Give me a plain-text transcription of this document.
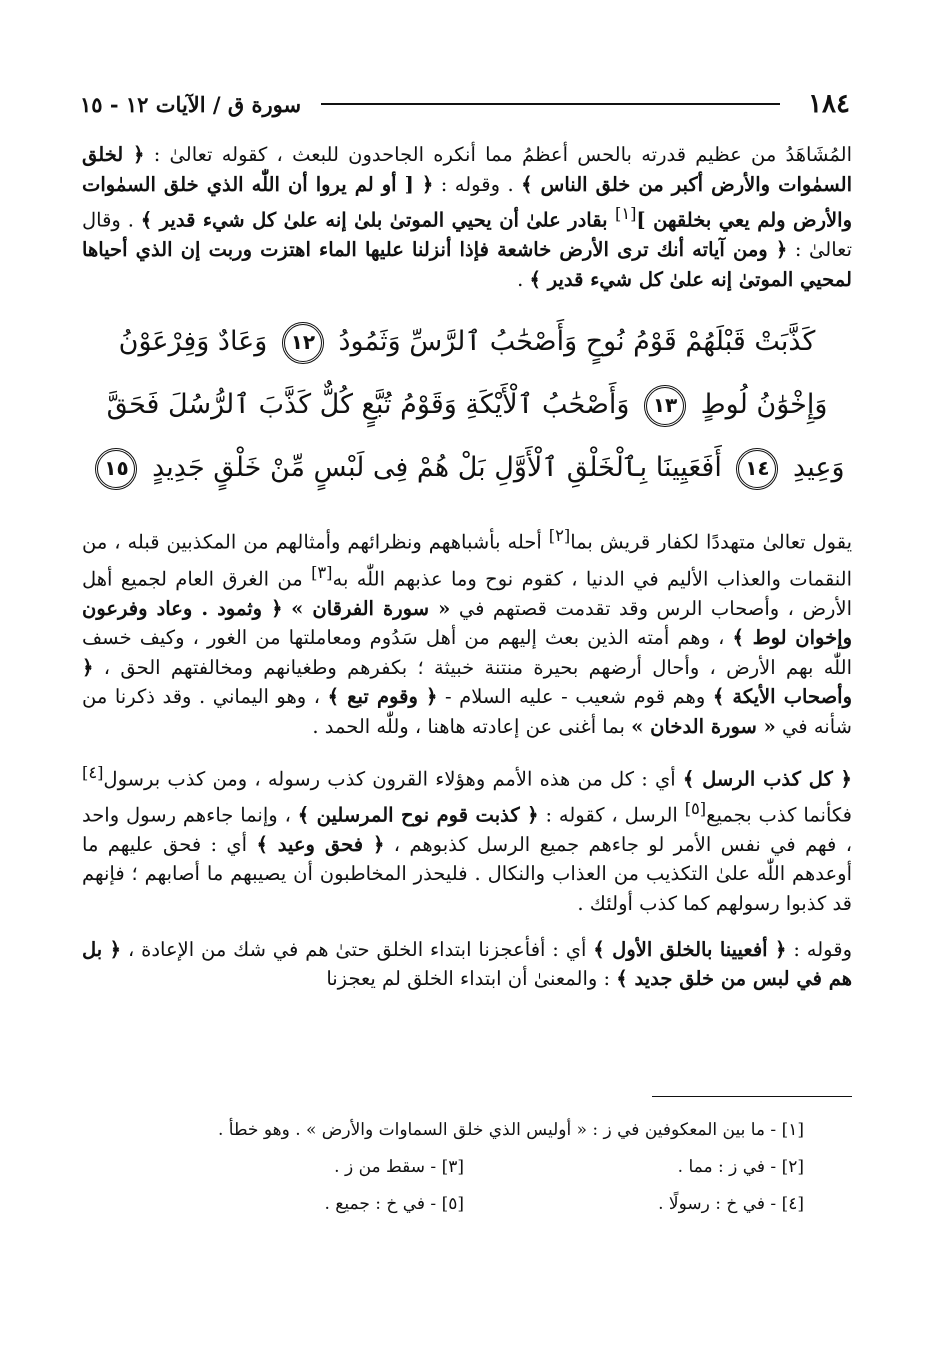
١٨٤
سورة ق / الآيات ١٢ - ١٥

المُشَاهَدُ من عظيم قدرته بالحس أعظمُ مما أنكره الجاحدون للبعث ، كقوله تعالىٰ : ﴿ لخلق السمٰوات والأرض أكبر من خلق الناس ﴾ . وقوله : ﴿ [ أو لم يروا أن اللّٰه الذي خلق السمٰوات والأرض ولم يعي بخلقهن ][١] بقادر علىٰ أن يحيي الموتىٰ بلىٰ إنه علىٰ كل شيء قدير ﴾ . وقال تعالىٰ : ﴿ ومن آياته أنك ترى الأرض خاشعة فإذا أنزلنا عليها الماء اهتزت وربت إن الذي أحياها لمحيي الموتىٰ إنه علىٰ كل شيء قدير ﴾ .

كَذَّبَتْ قَبْلَهُمْ قَوْمُ نُوحٍ وَأَصْحَٰبُ ٱلرَّسِّ وَثَمُودُ ١٢ وَعَادٌ وَفِرْعَوْنُ وَإِخْوَٰنُ لُوطٍ ١٣ وَأَصْحَٰبُ ٱلْأَيْكَةِ وَقَوْمُ تُبَّعٍ كُلٌّ كَذَّبَ ٱلرُّسُلَ فَحَقَّ وَعِيدِ ١٤ أَفَعَيِينَا بِٱلْخَلْقِ ٱلْأَوَّلِ بَلْ هُمْ فِى لَبْسٍ مِّنْ خَلْقٍ جَدِيدٍ ١٥

يقول تعالىٰ متهددًا لكفار قريش بما[٢] أحله بأشباههم ونظرائهم وأمثالهم من المكذبين قبله ، من النقمات والعذاب الأليم في الدنيا ، كقوم نوح وما عذبهم اللّٰه به[٣] من الغرق العام لجميع أهل الأرض ، وأصحاب الرس وقد تقدمت قصتهم في « سورة الفرقان » ﴿ وثمود . وعاد وفرعون وإخوان لوط ﴾ ، وهم أمته الذين بعث إليهم من أهل سَدُوم ومعاملتها من الغور ، وكيف خسف اللّٰه بهم الأرض ، وأحال أرضهم بحيرة منتنة خبيثة ؛ بكفرهم وطغيانهم ومخالفتهم الحق ، ﴿ وأصحاب الأيكة ﴾ وهم قوم شعيب - عليه السلام - ﴿ وقوم تبع ﴾ ، وهو اليماني . وقد ذكرنا من شأنه في « سورة الدخان » بما أغنى عن إعادته هاهنا ، وللّٰه الحمد .

﴿ كل كذب الرسل ﴾ أي : كل من هذه الأمم وهؤلاء القرون كذب رسوله ، ومن كذب برسول[٤] فكأنما كذب بجميع[٥] الرسل ، كقوله : ﴿ كذبت قوم نوح المرسلين ﴾ ، وإنما جاءهم رسول واحد ، فهم في نفس الأمر لو جاءهم جميع الرسل كذبوهم ، ﴿ فحق وعيد ﴾ أي : فحق عليهم ما أوعدهم اللّٰه علىٰ التكذيب من العذاب والنكال . فليحذر المخاطبون أن يصيبهم ما أصابهم ؛ فإنهم قد كذبوا رسولهم كما كذب أولئك .

وقوله : ﴿ أفعيينا بالخلق الأول ﴾ أي : أفأعجزنا ابتداء الخلق حتىٰ هم في شك من الإعادة ، ﴿ بل هم في لبس من خلق جديد ﴾ : والمعنىٰ أن ابتداء الخلق لم يعجزنا

[١] - ما بين المعكوفين في ز : « أوليس الذي خلق السماوات والأرض » . وهو خطأ .
[٢] - في ز : مما .
[٣] - سقط من ز .
[٤] - في خ : رسولًا .
[٥] - في خ : جميع .
